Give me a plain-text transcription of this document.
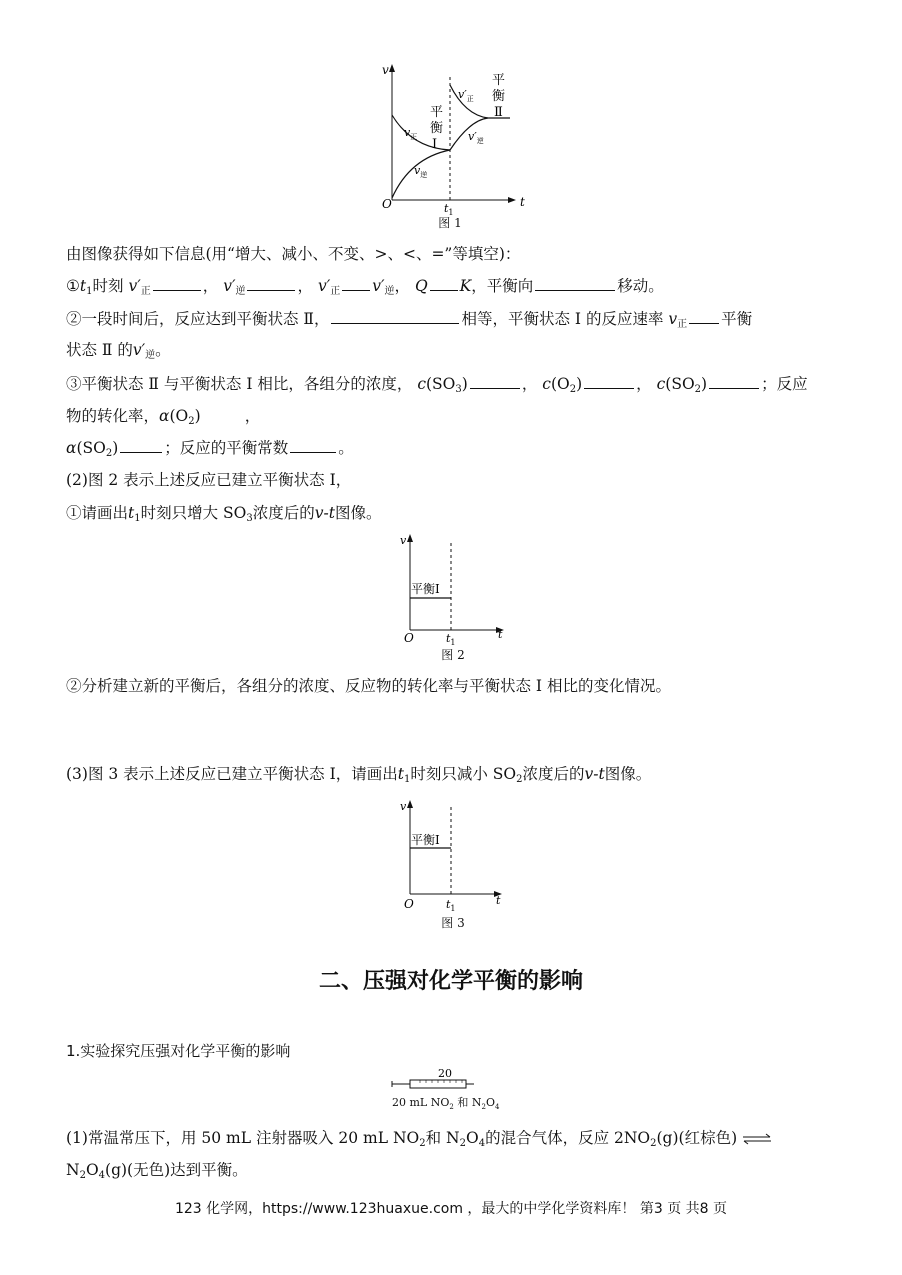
v
t
O	$t_1$
$v_正$
$v_逆$
$v'_正$
$v'_逆$
平
衡
Ⅰ
平
衡
Ⅱ
图 1
由图像获得如下信息(用“增大、减小、不变、>、<、=”等填空)：
$①t_1$时刻 $v'_正$	， $v'_逆$	， $v'_正$ $v'_逆$， Q K，平衡向	移动。
②一段时间后，反应达到平衡状态 Ⅱ，	相等，平衡状态 Ⅰ 的反应速率 $v_正$ 平衡
状态 Ⅱ 的$v'_逆$。
③平衡状态 Ⅱ 与平衡状态 Ⅰ 相比，各组分的浓度， $c(SO_3)$	， $c(O_2)$	， $c(SO_2)$	；反应
物的转化率，$\alpha(O_2)$	，
$\alpha(SO_2)$	；反应的平衡常数	。
(2)图 2 表示上述反应已建立平衡状态 Ⅰ，
①请画出$t_1$时刻只增大 $SO_3$浓度后的v-t图像。
平衡Ⅰ
v
t
O	$t_1$
图 2
②分析建立新的平衡后，各组分的浓度、反应物的转化率与平衡状态 Ⅰ 相比的变化情况。
(3)图 3 表示上述反应已建立平衡状态 Ⅰ，请画出$t_1$时刻只减小 $SO_2$浓度后的v-t图像。
平衡Ⅰ
v
t
O	$t_1$
图 3
二、压强对化学平衡的影响
1.实验探究压强对化学平衡的影响
20
20 mL $NO_2$ 和 $N_2O_4$
(1)常温常压下，用 50 mL 注射器吸入 20 mL $NO_2$和 $N_2O_4$的混合气体，反应 $2NO_2(g)$(红棕色) ⇌
$N_2O_4(g)$(无色)达到平衡。
123 化学网，https://www.123huaxue.com ，最大的中学化学资料库！ 第3 页 共8 页
